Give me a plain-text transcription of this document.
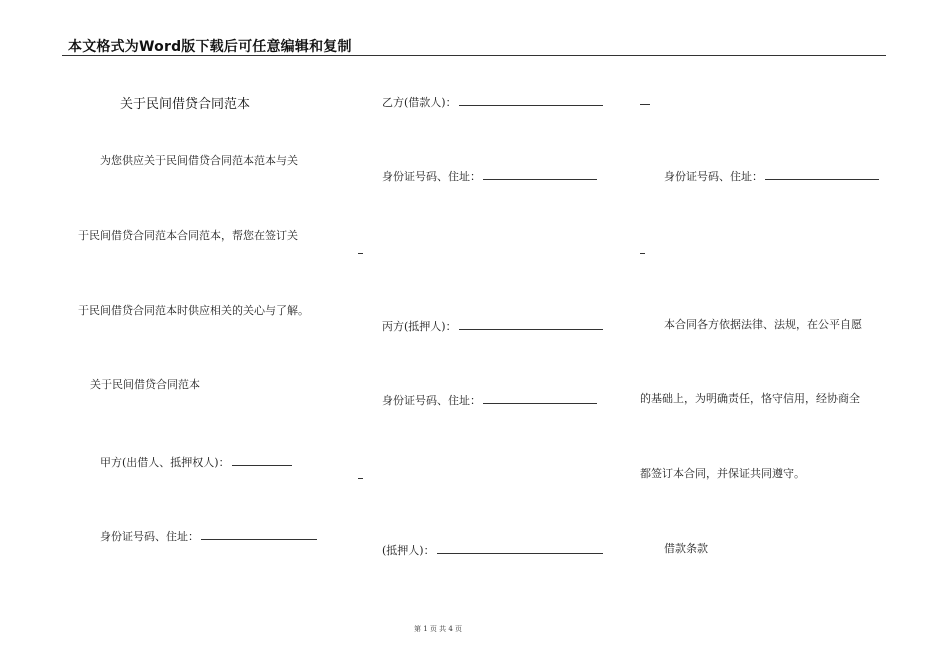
本文格式为Word版下载后可任意编辑和复制
关于民间借贷合同范本
为您供应关于民间借贷合同范本范本与关
于民间借贷合同范本合同范本，帮您在签订关
于民间借贷合同范本时供应相关的关心与了解。
关于民间借贷合同范本
甲方(出借人、抵押权人)：
身份证号码、住址：
乙方(借款人)：
身份证号码、住址：
丙方(抵押人)：
身份证号码、住址：
(抵押人)：
身份证号码、住址：
本合同各方依据法律、法规，在公平自愿
的基础上，为明确责任，恪守信用，经协商全
都签订本合同，并保证共同遵守。
借款条款
第 1 页 共 4 页
